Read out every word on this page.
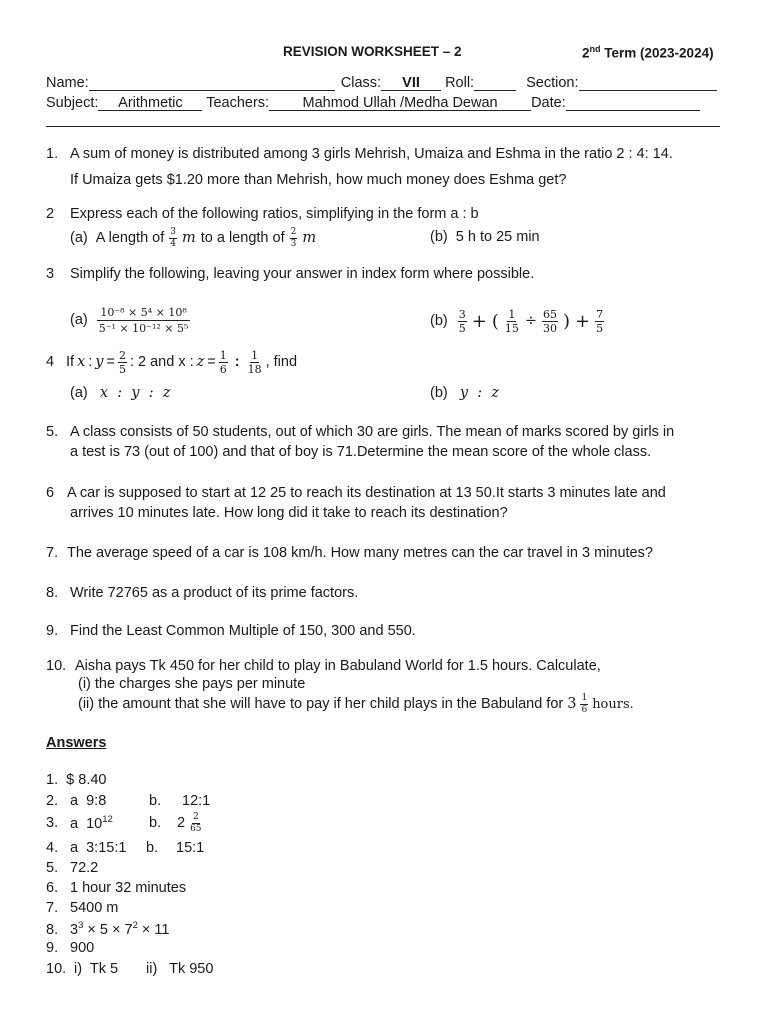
REVISION WORKSHEET – 2	2nd Term (2023-2024)
Name:	Class: VII Roll:	Section:
Subject: Arithmetic Teachers: Mahmod Ullah /Medha Dewan Date:
1. A sum of money is distributed among 3 girls Mehrish, Umaiza and Eshma in the ratio 2 : 4: 14.
If Umaiza gets $1.20 more than Mehrish, how much money does Eshma get?
2 Express each of the following ratios, simplifying in the form a : b
(a) A length of $\frac{3}{4}$ m to a length of $\frac{2}{3}$ m	(b) 5 h to 25 min
3 Simplify the following, leaving your answer in index form where possible.
$(a) \frac{\text{10⁻⁸ × 5⁴ × 10⁸}}{\text{5⁻¹ × 10⁻¹² × 5⁵}}$	$(b) \frac{3}{5}$ + ( $\frac{1}{15} \div \frac{65}{30}$ ) + $\frac{7}{5}$
4 If x : $y = \frac{2}{5}$ : 2 and x : $z = \frac{1}{6}$ : $\frac{1}{18}$ , find
(a) x  :  y  :  z	(b) y  :  z
5. A class consists of 50 students, out of which 30 are girls. The mean of marks scored by girls in
a test is 73 (out of 100) and that of boy is 71.Determine the mean score of the whole class.
6 A car is supposed to start at 12 25 to reach its destination at 13 50.It starts 3 minutes late and
arrives 10 minutes late. How long did it take to reach its destination?
7. The average speed of a car is 108 km/h. How many metres can the car travel in 3 minutes?
8. Write 72765 as a product of its prime factors.
9. Find the Least Common Multiple of 150, 300 and 550.
10. Aisha pays Tk 450 for her child to play in Babuland World for 1.5 hours. Calculate,
(i) the charges she pays per minute
(ii) the amount that she will have to pay if her child plays in the Babuland for $3 \frac{1}{6}$ hours .
Answers
1. $ 8.40
2. a  9:8	b. 12:1
3. a  $10^{12}$	b.	$2 \frac{2}{65}$
4. a  3:15:1 b. 15:1
5. 72.2
6. 1 hour 32 minutes
7. 5400 m
8. $3^3 \times 5 \times 7^2 \times 11$
9. 900
10. i)  Tk 5 ii)   Tk 950
